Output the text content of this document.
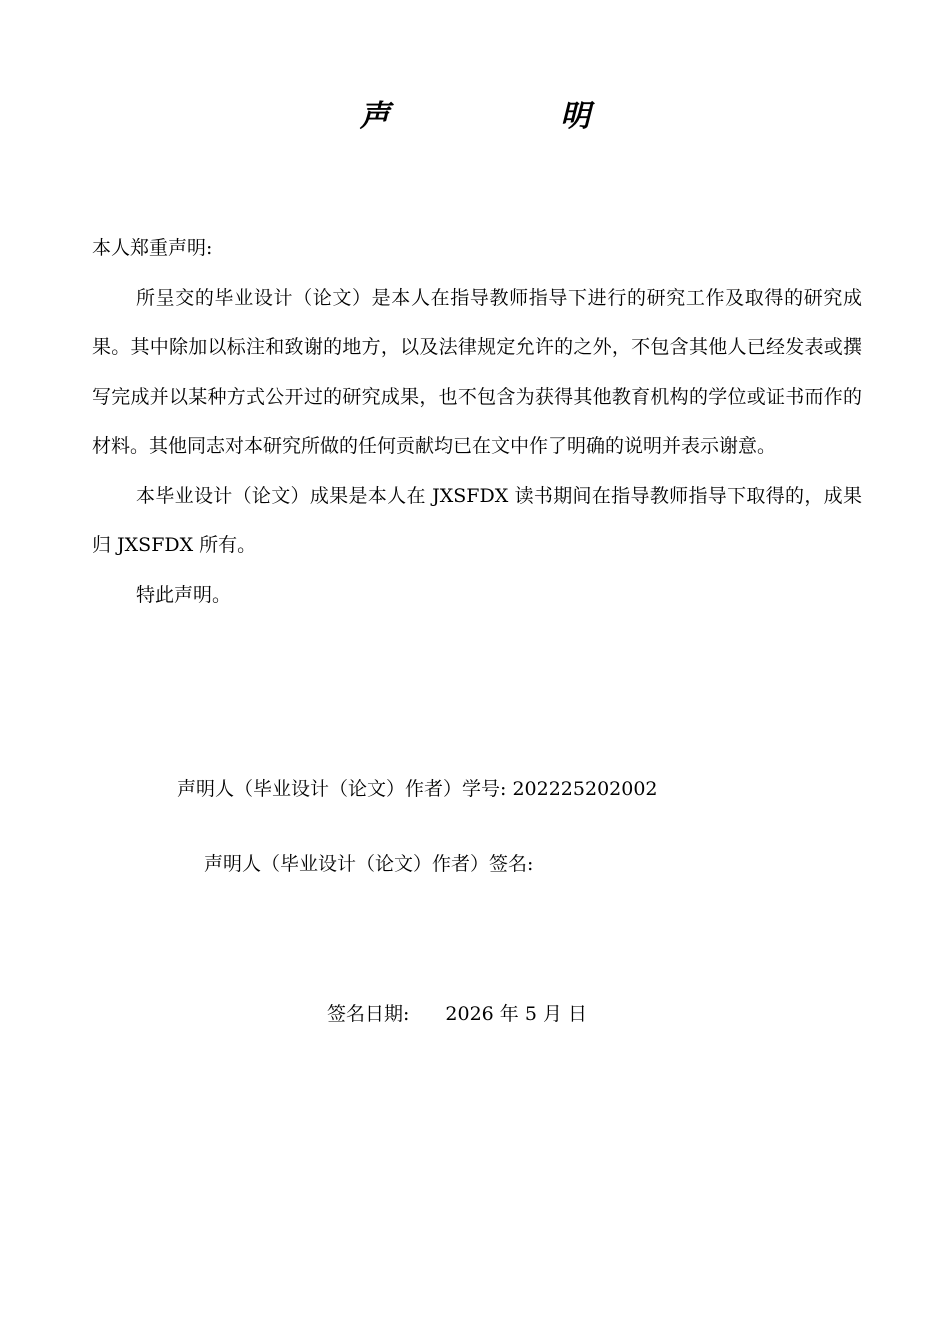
声 明

本人郑重声明:

所呈交的毕业设计（论文）是本人在指导教师指导下进行的研究工作及取得的研究成果。其中除加以标注和致谢的地方，以及法律规定允许的之外，不包含其他人已经发表或撰写完成并以某种方式公开过的研究成果，也不包含为获得其他教育机构的学位或证书而作的材料。其他同志对本研究所做的任何贡献均已在文中作了明确的说明并表示谢意。

本毕业设计（论文）成果是本人在 JXSFDX 读书期间在指导教师指导下取得的，成果归 JXSFDX 所有。

特此声明。

声明人（毕业设计（论文）作者）学号: 202225202002
声明人（毕业设计（论文）作者）签名:
签名日期: 2026 年 5 月 日
